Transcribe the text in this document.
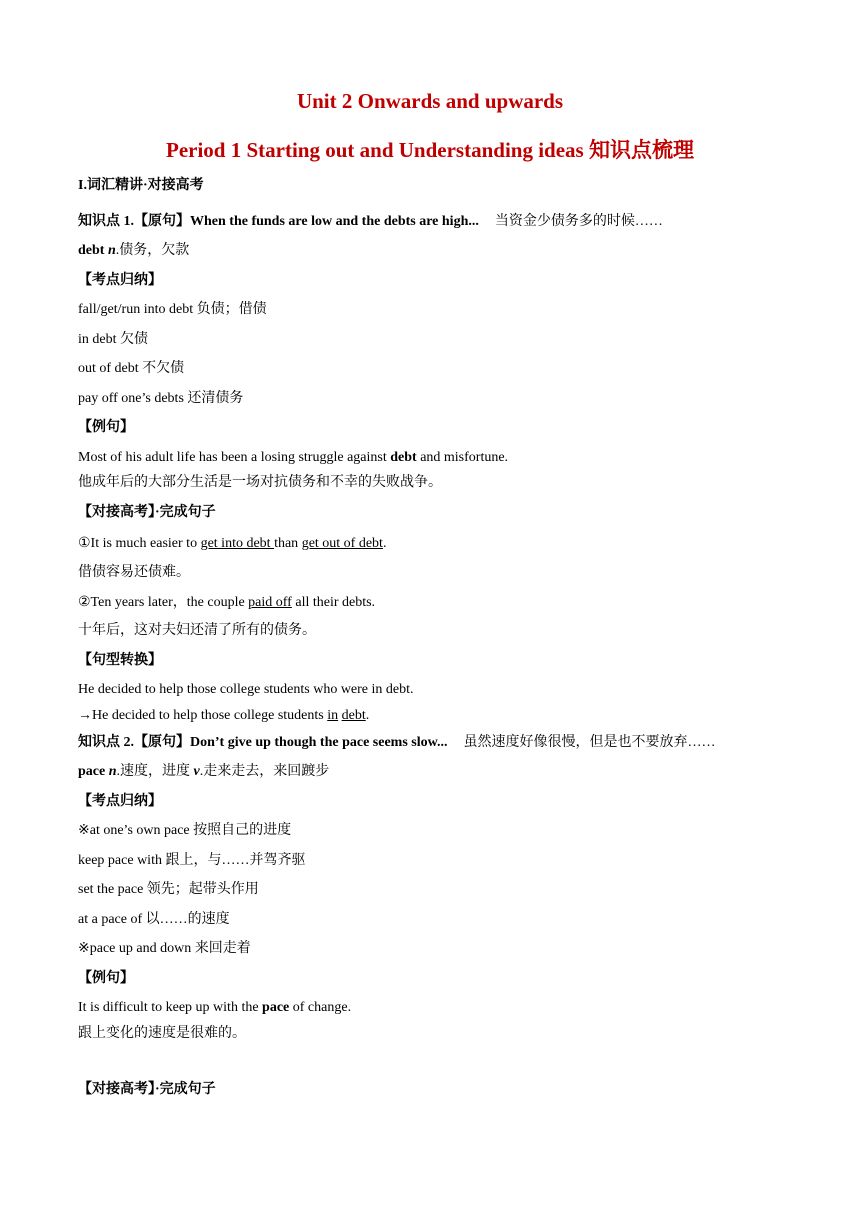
Unit 2 Onwards and upwards
Period 1 Starting out and Understanding ideas 知识点梳理
I.词汇精讲·对接高考
知识点 1.【原句】When the funds are low and the debts are high... 当资金少债务多的时候……
debt n.债务，欠款
【考点归纳】
fall/get/run into debt 负债；借债
in debt 欠债
out of debt 不欠债
pay off one’s debts 还清债务
【例句】
Most of his adult life has been a losing struggle against debt and misfortune.
他成年后的大部分生活是一场对抗债务和不幸的失败战争。
【对接高考】·完成句子
①It is much easier to get into debt than get out of debt.
借债容易还债难。
②Ten years later，the couple paid off all their debts.
十年后，这对夫妇还清了所有的债务。
【句型转换】
He decided to help those college students who were in debt.
→He decided to help those college students in debt.
知识点 2.【原句】Don’t give up though the pace seems slow... 虽然速度好像很慢，但是也不要放弃……
pace n.速度，进度 v.走来走去，来回踱步
【考点归纳】
※at one’s own pace 按照自己的进度
keep pace with 跟上，与……并驾齐驱
set the pace 领先；起带头作用
at a pace of 以……的速度
※pace up and down 来回走着
【例句】
It is difficult to keep up with the pace of change.
跟上变化的速度是很难的。
【对接高考】·完成句子
